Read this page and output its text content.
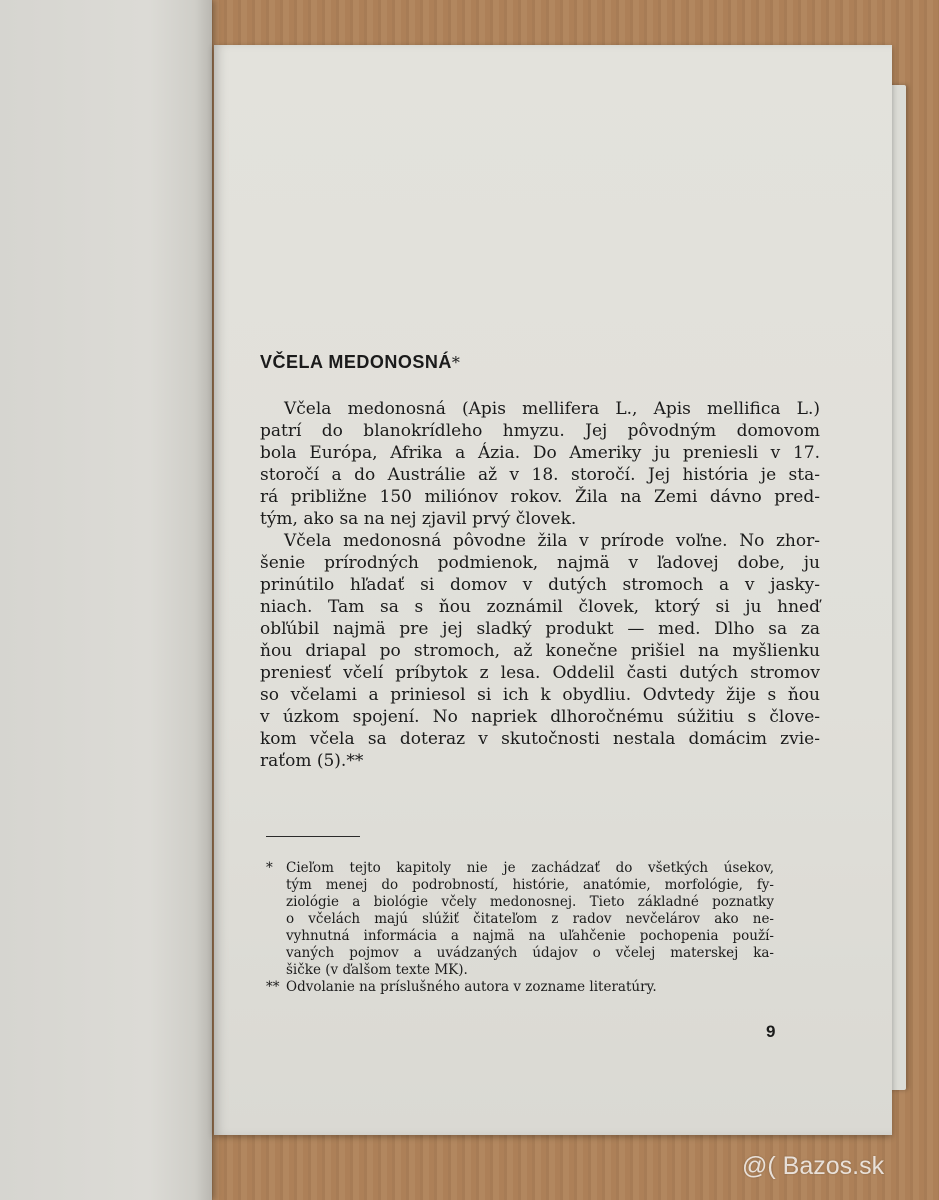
VČELA MEDONOSNÁ*
Včela medonosná (Apis mellifera L., Apis mellifica L.)
patrí do blanokrídleho hmyzu. Jej pôvodným domovom
bola Európa, Afrika a Ázia. Do Ameriky ju preniesli v 17.
storočí a do Austrálie až v 18. storočí. Jej história je sta-
rá približne 150 miliónov rokov. Žila na Zemi dávno pred-
tým, ako sa na nej zjavil prvý človek.
Včela medonosná pôvodne žila v prírode voľne. No zhor-
šenie prírodných podmienok, najmä v ľadovej dobe, ju
prinútilo hľadať si domov v dutých stromoch a v jasky-
niach. Tam sa s ňou zoznámil človek, ktorý si ju hneď
obľúbil najmä pre jej sladký produkt — med. Dlho sa za
ňou driapal po stromoch, až konečne prišiel na myšlienku
preniesť včelí príbytok z lesa. Oddelil časti dutých stromov
so včelami a priniesol si ich k obydliu. Odvtedy žije s ňou
v úzkom spojení. No napriek dlhoročnému súžitiu s člove-
kom včela sa doteraz v skutočnosti nestala domácim zvie-
raťom (5).**
* Cieľom tejto kapitoly nie je zachádzať do všetkých úsekov,
tým menej do podrobností, histórie, anatómie, morfológie, fy-
ziológie a biológie včely medonosnej. Tieto základné poznatky
o včelách majú slúžiť čitateľom z radov nevčelárov ako ne-
vyhnutná informácia a najmä na uľahčenie pochopenia použí-
vaných pojmov a uvádzaných údajov o včelej materskej ka-
šičke (v ďalšom texte MK).
** Odvolanie na príslušného autora v zozname literatúry.
9
@( Bazos.sk
